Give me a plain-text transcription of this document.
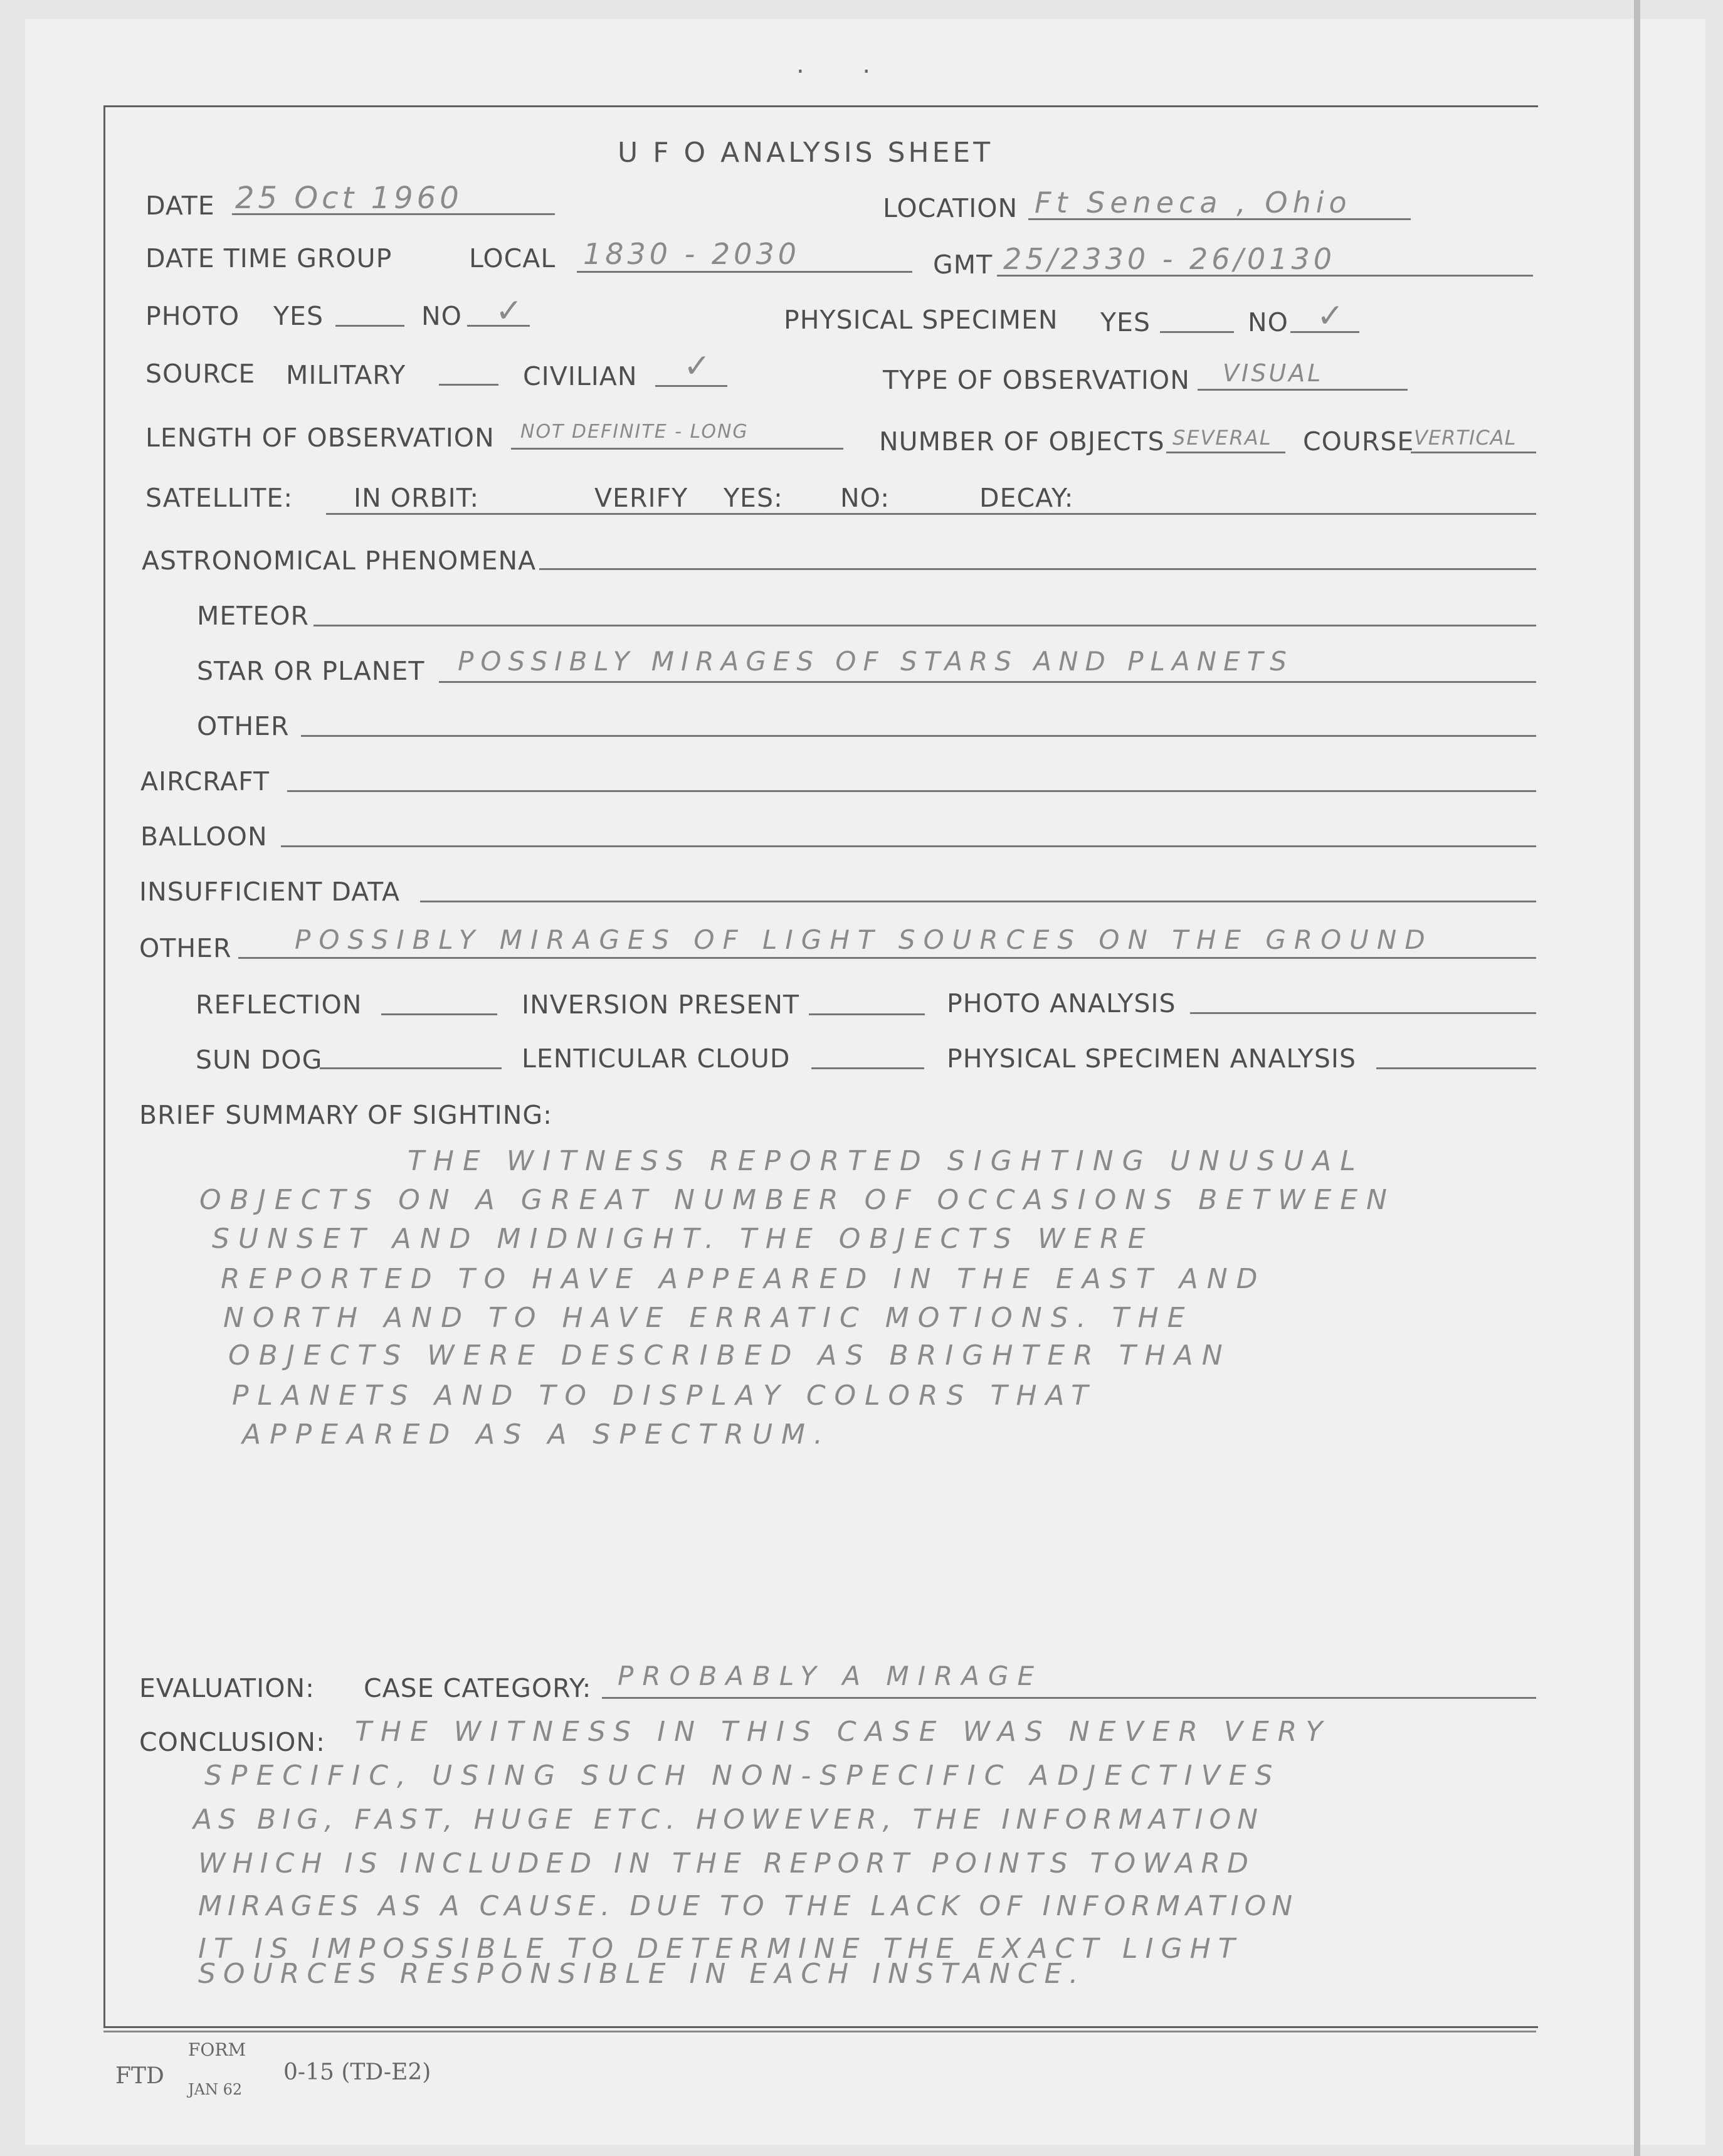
. .
U F O ANALYSIS SHEET
DATE 25 Oct 1960	LOCATION Ft Seneca , Ohio
DATE TIME GROUP	LOCAL 1830 - 2030	GMT 25/2330 - 26/0130
PHOTO YES	NO ✓	PHYSICAL SPECIMEN YES	NO ✓
SOURCE MILITARY	CIVILIAN ✓	TYPE OF OBSERVATION VISUAL
LENGTH OF OBSERVATION NOT DEFINITE - LONG	NUMBER OF OBJECTS SEVERAL COURSE VERTICAL
SATELLITE: IN ORBIT:	VERIFY YES: NO:	DECAY:
ASTRONOMICAL PHENOMENA
METEOR
STAR OR PLANET POSSIBLY MIRAGES OF STARS AND PLANETS
OTHER
AIRCRAFT
BALLOON
INSUFFICIENT DATA
OTHER POSSIBLY MIRAGES OF LIGHT SOURCES ON THE GROUND
REFLECTION	INVERSION PRESENT	PHOTO ANALYSIS
SUN DOG	LENTICULAR CLOUD	PHYSICAL SPECIMEN ANALYSIS
BRIEF SUMMARY OF SIGHTING:
THE WITNESS REPORTED SIGHTING UNUSUAL
OBJECTS ON A GREAT NUMBER OF OCCASIONS BETWEEN
SUNSET AND MIDNIGHT. THE OBJECTS WERE
REPORTED TO HAVE APPEARED IN THE EAST AND
NORTH AND TO HAVE ERRATIC MOTIONS. THE
OBJECTS WERE DESCRIBED AS BRIGHTER THAN
PLANETS AND TO DISPLAY COLORS THAT
APPEARED AS A SPECTRUM.
EVALUATION: CASE CATEGORY: PROBABLY A MIRAGE
CONCLUSION: THE WITNESS IN THIS CASE WAS NEVER VERY
SPECIFIC, USING SUCH NON-SPECIFIC ADJECTIVES
AS BIG, FAST, HUGE ETC. HOWEVER, THE INFORMATION
WHICH IS INCLUDED IN THE REPORT POINTS TOWARD
MIRAGES AS A CAUSE. DUE TO THE LACK OF INFORMATION
IT IS IMPOSSIBLE TO DETERMINE THE EXACT LIGHT
SOURCES RESPONSIBLE IN EACH INSTANCE.
FTD
FORM
JAN 62
0-15 (TD-E2)
